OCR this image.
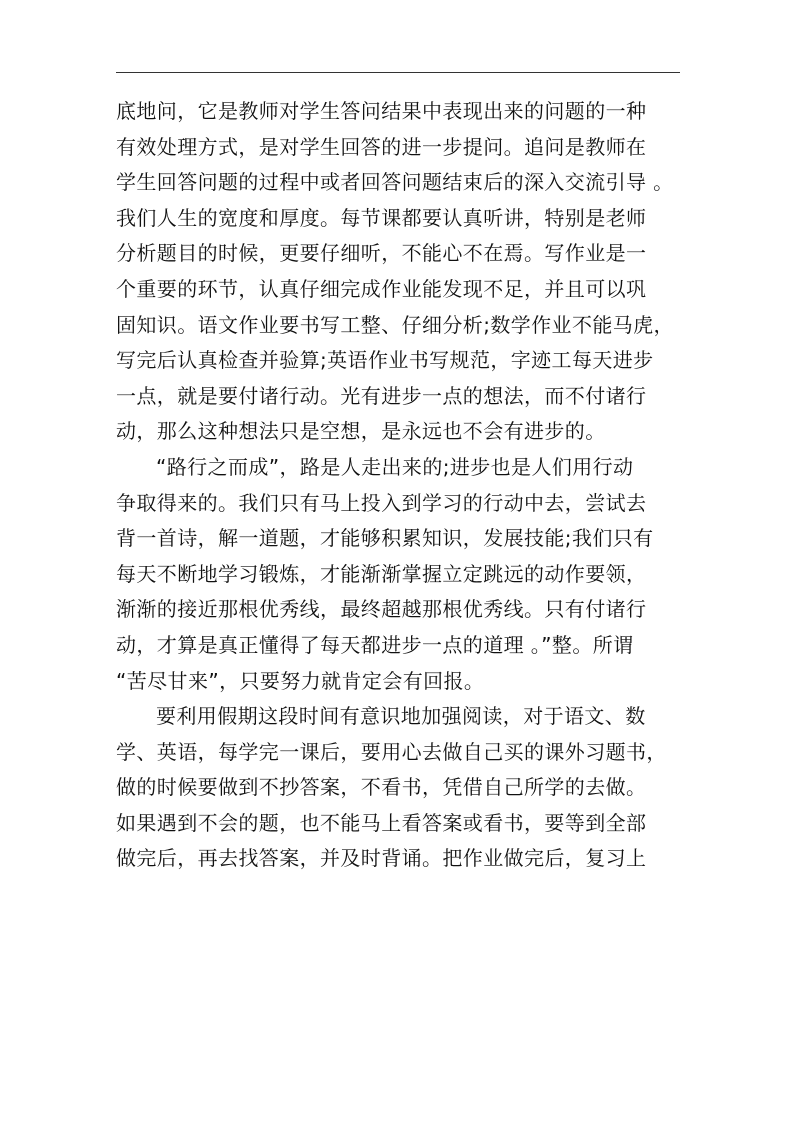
底地问，它是教师对学生答问结果中表现出来的问题的一种
有效处理方式，是对学生回答的进一步提问。追问是教师在
学生回答问题的过程中或者回答问题结束后的深入交流引导 。
我们人生的宽度和厚度。每节课都要认真听讲，特别是老师
分析题目的时候，更要仔细听，不能心不在焉。写作业是一
个重要的环节，认真仔细完成作业能发现不足，并且可以巩
固知识。语文作业要书写工整、仔细分析;数学作业不能马虎，
写完后认真检查并验算;英语作业书写规范，字迹工每天进步
一点，就是要付诸行动。光有进步一点的想法，而不付诸行
动，那么这种想法只是空想，是永远也不会有进步的。
“路行之而成”，路是人走出来的;进步也是人们用行动
争取得来的。我们只有马上投入到学习的行动中去，尝试去
背一首诗，解一道题，才能够积累知识，发展技能;我们只有
每天不断地学习锻炼，才能渐渐掌握立定跳远的动作要领，
渐渐的接近那根优秀线，最终超越那根优秀线。只有付诸行
动，才算是真正懂得了每天都进步一点的道理 。”整。所谓
“苦尽甘来”，只要努力就肯定会有回报。
要利用假期这段时间有意识地加强阅读，对于语文、数
学、英语，每学完一课后，要用心去做自己买的课外习题书，
做的时候要做到不抄答案，不看书，凭借自己所学的去做。
如果遇到不会的题，也不能马上看答案或看书，要等到全部
做完后，再去找答案，并及时背诵。把作业做完后，复习上
